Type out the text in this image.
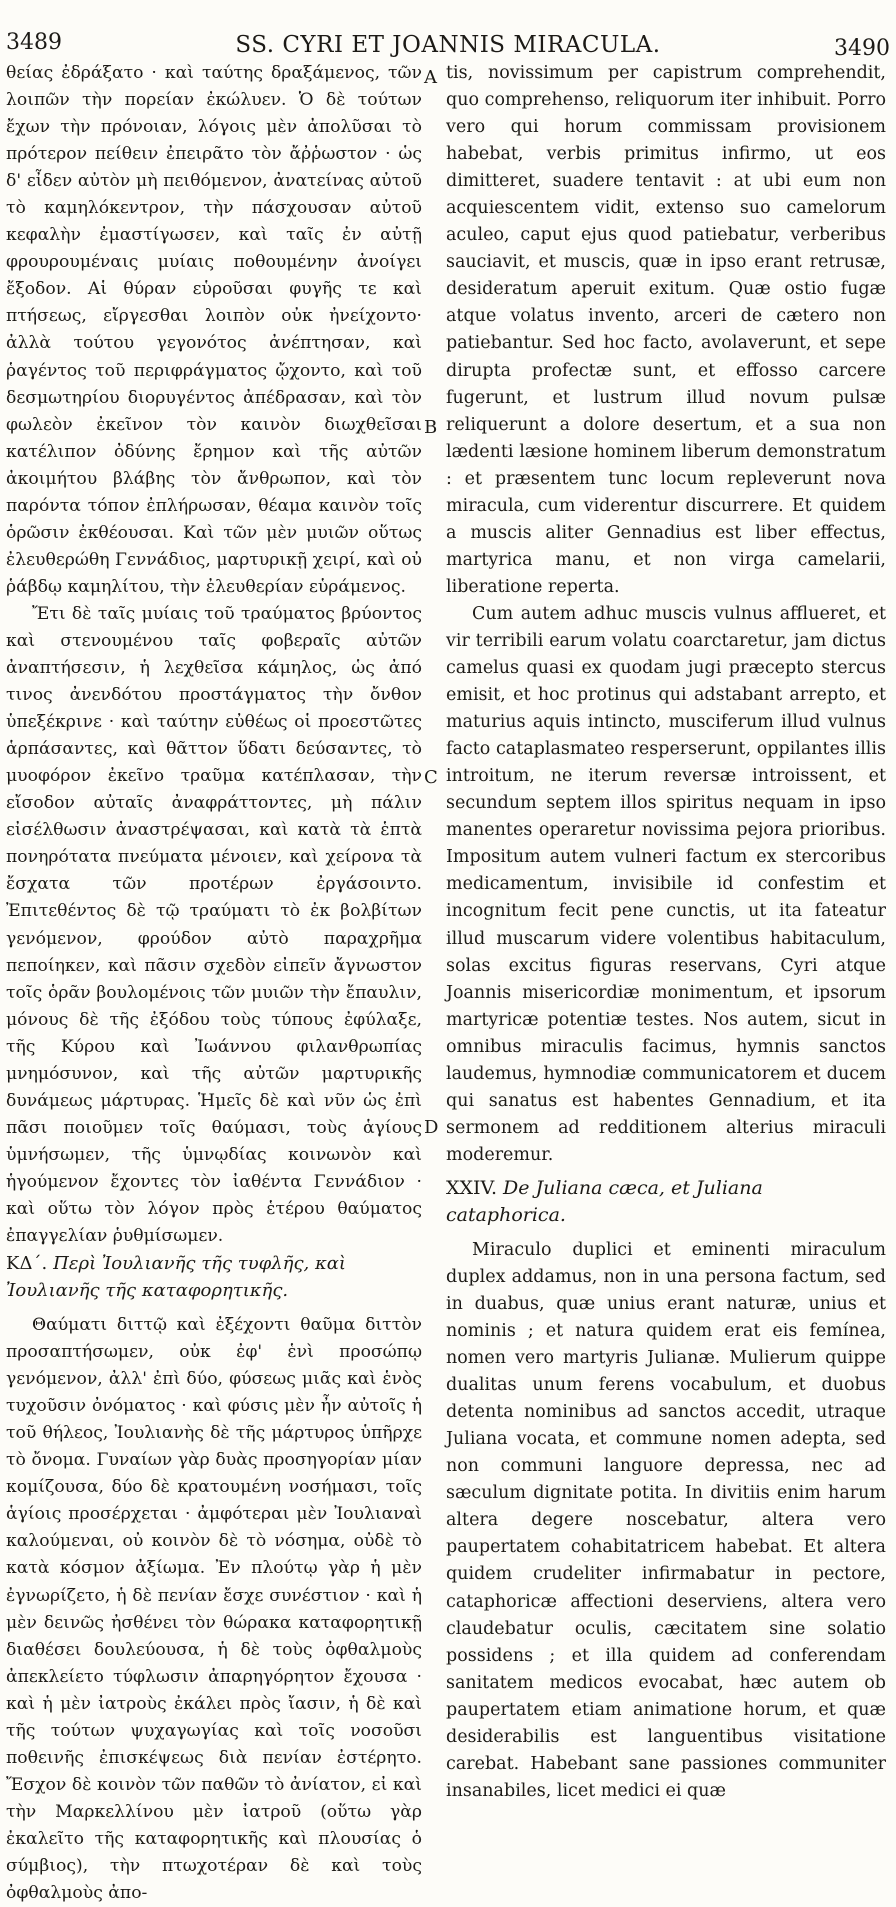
3489	SS. CYRI ET JOANNIS MIRACULA.	3490

θείας ἐδράξατο · καὶ ταύτης δραξάμενος, τῶν λοιπῶν τὴν πορείαν ἐκώλυεν. Ὁ δὲ τούτων ἔχων τὴν πρόνοιαν, λόγοις μὲν ἀπολῦσαι τὸ πρότερον πείθειν ἐπειρᾶτο τὸν ἄῤῥωστον · ὡς δ' εἶδεν αὐτὸν μὴ πειθόμενον, ἀνατείνας αὐτοῦ τὸ καμηλόκεντρον, τὴν πάσχουσαν αὐτοῦ κεφαλὴν ἐμαστίγωσεν, καὶ ταῖς ἐν αὐτῇ φρουρουμέναις μυίαις ποθουμένην ἀνοίγει ἔξοδον. Αἱ θύραν εὑροῦσαι φυγῆς τε καὶ πτήσεως, εἴργεσθαι λοιπὸν οὐκ ἠνείχοντο· ἀλλὰ τούτου γεγονότος ἀνέπτησαν, καὶ ῥαγέντος τοῦ περιφράγματος ᾤχοντο, καὶ τοῦ δεσμωτηρίου διορυγέντος ἀπέδρασαν, καὶ τὸν φωλεὸν ἐκεῖνον τὸν καινὸν διωχθεῖσαι κατέλιπον ὀδύνης ἔρημον καὶ τῆς αὐτῶν ἀκοιμήτου βλάβης τὸν ἄνθρωπον, καὶ τὸν παρόντα τόπον ἐπλήρωσαν, θέαμα καινὸν τοῖς ὁρῶσιν ἐκθέουσαι. Καὶ τῶν μὲν μυιῶν οὕτως ἐλευθερώθη Γεννάδιος, μαρτυρικῇ χειρί, καὶ οὐ ῥάβδῳ καμηλίτου, τὴν ἐλευθερίαν εὑράμενος.

Ἔτι δὲ ταῖς μυίαις τοῦ τραύματος βρύοντος καὶ στενουμένου ταῖς φοβεραῖς αὐτῶν ἀναπτήσεσιν, ἡ λεχθεῖσα κάμηλος, ὡς ἀπό τινος ἀνενδότου προστάγματος τὴν ὄνθον ὑπεξέκρινε · καὶ ταύτην εὐθέως οἱ προεστῶτες ἁρπάσαντες, καὶ θᾶττον ὕδατι δεύσαντες, τὸ μυοφόρον ἐκεῖνο τραῦμα κατέπλασαν, τὴν εἴσοδον αὐταῖς ἀναφράττοντες, μὴ πάλιν εἰσέλθωσιν ἀναστρέψασαι, καὶ κατὰ τὰ ἑπτὰ πονηρότατα πνεύματα μένοιεν, καὶ χείρονα τὰ ἔσχατα τῶν προτέρων ἐργάσοιντο. Ἐπιτεθέντος δὲ τῷ τραύματι τὸ ἐκ βολβίτων γενόμενον, φρούδον αὐτὸ παραχρῆμα πεποίηκεν, καὶ πᾶσιν σχεδὸν εἰπεῖν ἄγνωστον τοῖς ὁρᾶν βουλομένοις τῶν μυιῶν τὴν ἔπαυλιν, μόνους δὲ τῆς ἐξόδου τοὺς τύπους ἐφύλαξε, τῆς Κύρου καὶ Ἰωάννου φιλανθρωπίας μνημόσυνον, καὶ τῆς αὐτῶν μαρτυρικῆς δυνάμεως μάρτυρας. Ἡμεῖς δὲ καὶ νῦν ὡς ἐπὶ πᾶσι ποιοῦμεν τοῖς θαύμασι, τοὺς ἁγίους ὑμνήσωμεν, τῆς ὑμνῳδίας κοινωνὸν καὶ ἡγούμενον ἔχοντες τὸν ἰαθέντα Γεννάδιον · καὶ οὕτω τὸν λόγον πρὸς ἑτέρου θαύματος ἐπαγγελίαν ῥυθμίσωμεν.

ΚΔ΄. Περὶ Ἰουλιανῆς τῆς τυφλῆς, καὶ Ἰουλιανῆς τῆς καταφορητικῆς.

Θαύματι διττῷ καὶ ἐξέχοντι θαῦμα διττὸν προσαπτήσωμεν, οὐκ ἐφ' ἑνὶ προσώπῳ γενόμενον, ἀλλ' ἐπὶ δύο, φύσεως μιᾶς καὶ ἑνὸς τυχοῦσιν ὀνόματος · καὶ φύσις μὲν ἦν αὐτοῖς ἡ τοῦ θήλεος, Ἰουλιανὴς δὲ τῆς μάρτυρος ὑπῆρχε τὸ ὄνομα. Γυναίων γὰρ δυὰς προσηγορίαν μίαν κομίζουσα, δύο δὲ κρατουμένη νοσήμασι, τοῖς ἁγίοις προσέρχεται · ἀμφότεραι μὲν Ἰουλιαναὶ καλούμεναι, οὐ κοινὸν δὲ τὸ νόσημα, οὐδὲ τὸ κατὰ κόσμον ἀξίωμα. Ἐν πλούτῳ γὰρ ἡ μὲν ἐγνωρίζετο, ἡ δὲ πενίαν ἔσχε συνέστιον · καὶ ἡ μὲν δεινῶς ἠσθένει τὸν θώρακα καταφορητικῇ διαθέσει δουλεύουσα, ἡ δὲ τοὺς ὀφθαλμοὺς ἀπεκλείετο τύφλωσιν ἀπαρηγόρητον ἔχουσα · καὶ ἡ μὲν ἰατροὺς ἐκάλει πρὸς ἴασιν, ἡ δὲ καὶ τῆς τούτων ψυχαγωγίας καὶ τοῖς νοσοῦσι ποθεινῆς ἐπισκέψεως διὰ πενίαν ἐστέρητο. Ἔσχον δὲ κοινὸν τῶν παθῶν τὸ ἀνίατον, εἰ καὶ τὴν Μαρκελλίνου μὲν ἰατροῦ (οὕτω γὰρ ἐκαλεῖτο τῆς καταφορητικῆς καὶ πλουσίας ὁ σύμβιος), τὴν πτωχοτέραν δὲ καὶ τοὺς ὀφθαλμοὺς ἀπο-

A
B
C
D

tis, novissimum per capistrum comprehendit, quo comprehenso, reliquorum iter inhibuit. Porro vero qui horum commissam provisionem habebat, verbis primitus infirmo, ut eos dimitteret, suadere tentavit : at ubi eum non acquiescentem vidit, extenso suo camelorum aculeo, caput ejus quod patiebatur, verberibus sauciavit, et muscis, quæ in ipso erant retrusæ, desideratum aperuit exitum. Quæ ostio fugæ atque volatus invento, arceri de cætero non patiebantur. Sed hoc facto, avolaverunt, et sepe dirupta profectæ sunt, et effosso carcere fugerunt, et lustrum illud novum pulsæ reliquerunt a dolore desertum, et a sua non lædenti læsione hominem liberum demonstratum : et præsentem tunc locum repleverunt nova miracula, cum viderentur discurrere. Et quidem a muscis aliter Gennadius est liber effectus, martyrica manu, et non virga camelarii, liberatione reperta.

Cum autem adhuc muscis vulnus afflueret, et vir terribili earum volatu coarctaretur, jam dictus camelus quasi ex quodam jugi præcepto stercus emisit, et hoc protinus qui adstabant arrepto, et maturius aquis intincto, musciferum illud vulnus facto cataplasmateo resperserunt, oppilantes illis introitum, ne iterum reversæ introissent, et secundum septem illos spiritus nequam in ipso manentes operaretur novissima pejora prioribus. Impositum autem vulneri factum ex stercoribus medicamentum, invisibile id confestim et incognitum fecit pene cunctis, ut ita fateatur illud muscarum videre volentibus habitaculum, solas excitus figuras reservans, Cyri atque Joannis misericordiæ monimentum, et ipsorum martyricæ potentiæ testes. Nos autem, sicut in omnibus miraculis facimus, hymnis sanctos laudemus, hymnodiæ communicatorem et ducem qui sanatus est habentes Gennadium, et ita sermonem ad redditionem alterius miraculi moderemur.

XXIV. De Juliana cæca, et Juliana cataphorica.

Miraculo duplici et eminenti miraculum duplex addamus, non in una persona factum, sed in duabus, quæ unius erant naturæ, unius et nominis ; et natura quidem erat eis femínea, nomen vero martyris Julianæ. Mulierum quippe dualitas unum ferens vocabulum, et duobus detenta nominibus ad sanctos accedit, utraque Juliana vocata, et commune nomen adepta, sed non communi languore depressa, nec ad sæculum dignitate potita. In divitiis enim harum altera degere noscebatur, altera vero paupertatem cohabitatricem habebat. Et altera quidem crudeliter infirmabatur in pectore, cataphoricæ affectioni deserviens, altera vero claudebatur oculis, cæcitatem sine solatio possidens ; et illa quidem ad conferendam sanitatem medicos evocabat, hæc autem ob paupertatem etiam animatione horum, et quæ desiderabilis est languentibus visitatione carebat. Habebant sane passiones communiter insanabiles, licet medici ei quæ
